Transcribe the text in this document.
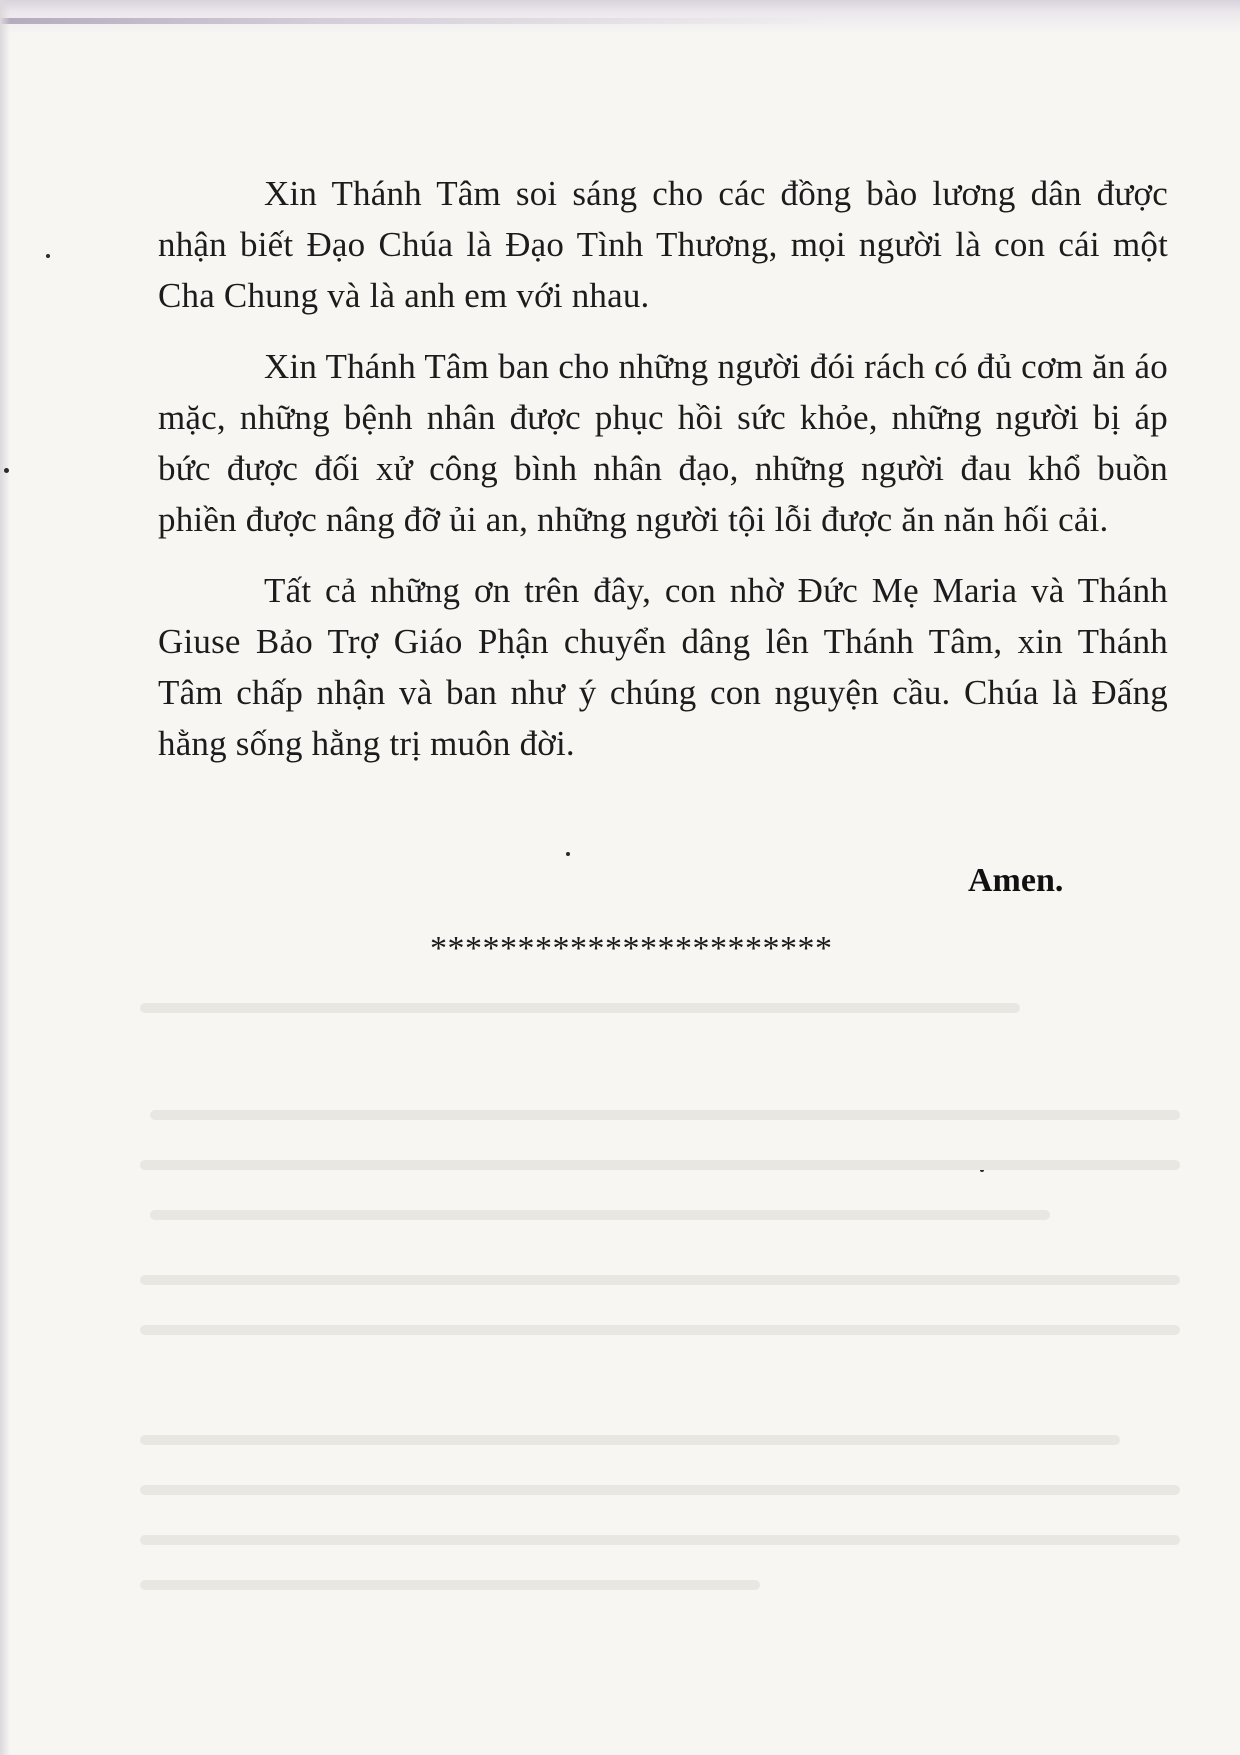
Xin Thánh Tâm soi sáng cho các đồng bào lương dân được nhận biết Đạo Chúa là Đạo Tình Thương, mọi người là con cái một Cha Chung và là anh em với nhau.

Xin Thánh Tâm ban cho những người đói rách có đủ cơm ăn áo mặc, những bệnh nhân được phục hồi sức khỏe, những người bị áp bức được đối xử công bình nhân đạo, những người đau khổ buồn phiền được nâng đỡ ủi an, những người tội lỗi được ăn năn hối cải.

Tất cả những ơn trên đây, con nhờ Đức Mẹ Maria và Thánh Giuse Bảo Trợ Giáo Phận chuyển dâng lên Thánh Tâm, xin Thánh Tâm chấp nhận và ban như ý chúng con nguyện cầu. Chúa là Đấng hằng sống hằng trị muôn đời.

Amen.
***********************
